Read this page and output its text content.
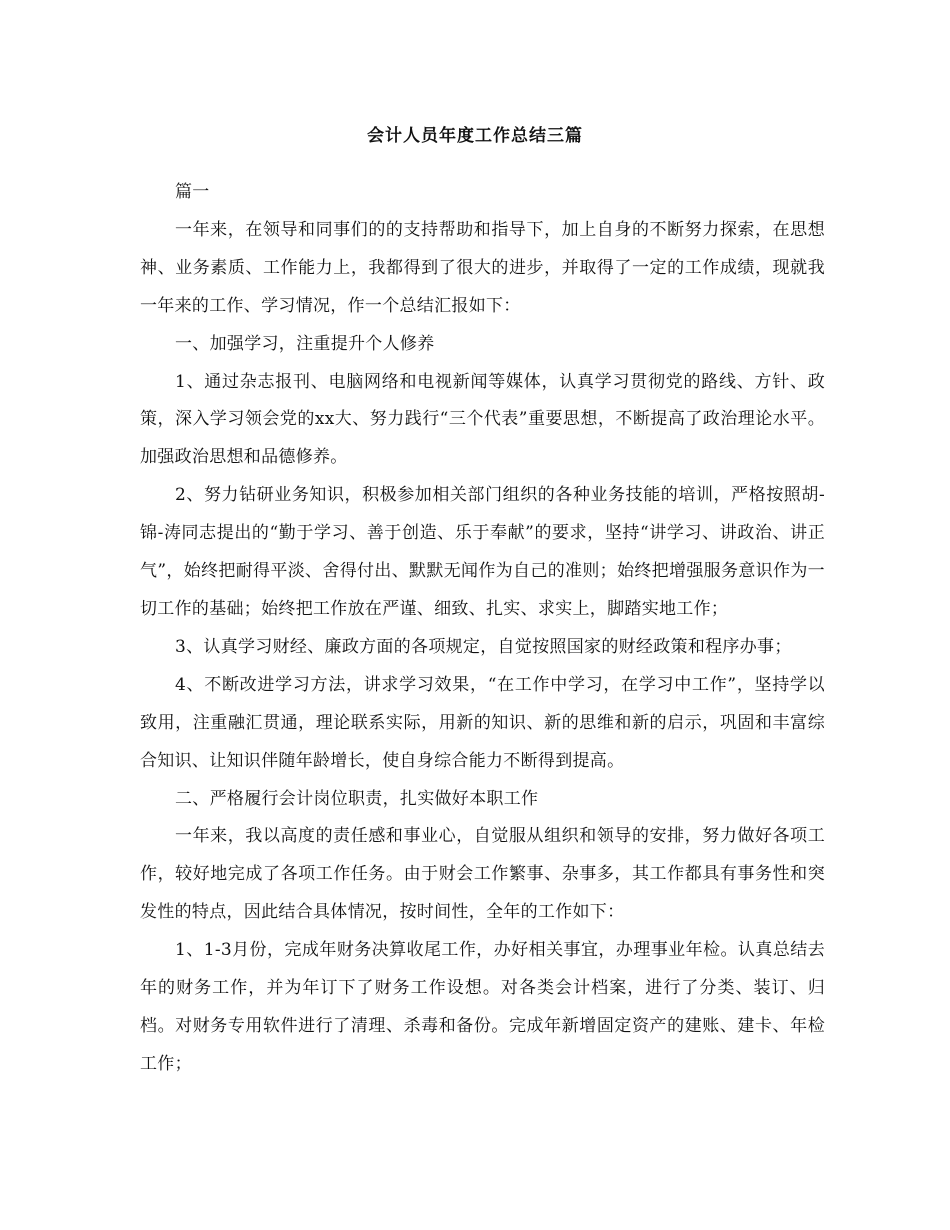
会计人员年度工作总结三篇

篇一

一年来，在领导和同事们的的支持帮助和指导下，加上自身的不断努力探索，在思想神、业务素质、工作能力上，我都得到了很大的进步，并取得了一定的工作成绩，现就我一年来的工作、学习情况，作一个总结汇报如下：

一、加强学习，注重提升个人修养

1、通过杂志报刊、电脑网络和电视新闻等媒体，认真学习贯彻党的路线、方针、政策，深入学习领会党的xx大、努力践行“三个代表”重要思想，不断提高了政治理论水平。加强政治思想和品德修养。

2、努力钻研业务知识，积极参加相关部门组织的各种业务技能的培训，严格按照胡-锦-涛同志提出的“勤于学习、善于创造、乐于奉献”的要求，坚持“讲学习、讲政治、讲正气”，始终把耐得平淡、舍得付出、默默无闻作为自己的准则；始终把增强服务意识作为一切工作的基础；始终把工作放在严谨、细致、扎实、求实上，脚踏实地工作；

3、认真学习财经、廉政方面的各项规定，自觉按照国家的财经政策和程序办事；

4、不断改进学习方法，讲求学习效果，“在工作中学习，在学习中工作”，坚持学以致用，注重融汇贯通，理论联系实际，用新的知识、新的思维和新的启示，巩固和丰富综合知识、让知识伴随年龄增长，使自身综合能力不断得到提高。

二、严格履行会计岗位职责，扎实做好本职工作

一年来，我以高度的责任感和事业心，自觉服从组织和领导的安排，努力做好各项工作，较好地完成了各项工作任务。由于财会工作繁事、杂事多，其工作都具有事务性和突发性的特点，因此结合具体情况，按时间性，全年的工作如下：

1、1-3月份，完成年财务决算收尾工作，办好相关事宜，办理事业年检。认真总结去年的财务工作，并为年订下了财务工作设想。对各类会计档案，进行了分类、装订、归档。对财务专用软件进行了清理、杀毒和备份。完成年新增固定资产的建账、建卡、年检工作；
